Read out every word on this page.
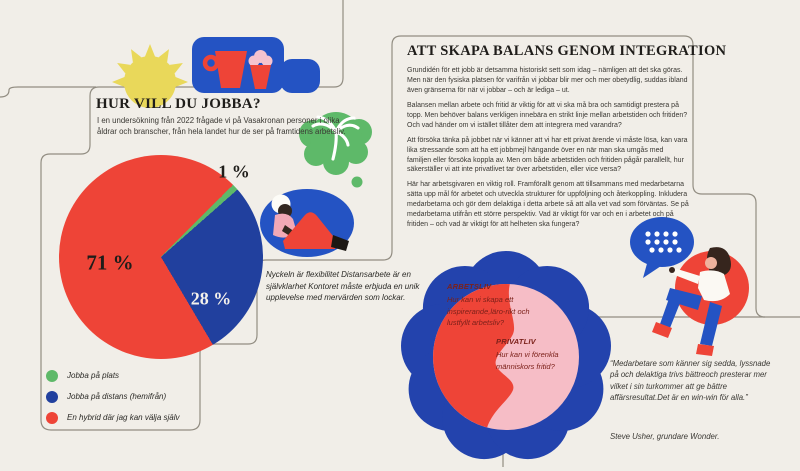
71 %
28 %
1 %
HUR VILL DU JOBBA?
I en undersökning från 2022 frågade vi på Vasakronan personer i olika åldrar och branscher, från hela landet hur de ser på framtidens arbetsliv.
Jobba på plats
Jobba på distans (hemifrån)
En hybrid där jag kan välja själv
ATT SKAPA BALANS GENOM INTEGRATION

Grundidén för ett jobb är detsamma historiskt sett som idag – nämligen att det ska göras. Men när den fysiska platsen för varifrån vi jobbar blir mer och mer obetydlig, suddas ibland även gränserna för när vi jobbar – och är lediga – ut.

Balansen mellan arbete och fritid är viktig för att vi ska må bra och samtidigt prestera på topp. Men behöver balans verkligen innebära en strikt linje mellan arbetstiden och fritiden? Och vad händer om vi istället tillåter dem att integrera med varandra?

Att försöka tänka på jobbet när vi känner att vi har ett privat ärende vi måste lösa, kan vara lika stressande som att ha ett jobbmejl hängande över en när man ska umgås med familjen eller försöka koppla av. Men om både arbetstiden och fritiden pågår parallellt, hur säkerställer vi att inte privatlivet tar över arbetstiden, eller vice versa?

Här har arbetsgivaren en viktig roll. Framförallt genom att tillsammans med medarbetarna sätta upp mål för arbetet och utveckla strukturer för uppföljning och återkoppling. Inkludera medarbetarna och gör dem delaktiga i detta arbete så att alla vet vad som förväntas. Se på medarbetarna utifrån ett större perspektiv. Vad är viktigt för var och en i arbetet och på fritiden – och vad är viktigt för att helheten ska fungera?

Nyckeln är flexibilitet Distansarbete är en självklarhet Kontoret måste erbjuda en unik upplevelse med mervärden som lockar.
ARBETSLIV
Hur kan vi skapa ett inspirerande,läro-rikt och lustfyllt arbetsliv?
PRIVATLIV
Hur kan vi förenkla människors fritid?	“Medarbetare som känner sig sedda, lyssnade på och delaktiga trivs bättreoch presterar mer vilket i sin turkommer att ge bättre affärsresultat.Det är en win-win för alla.”
Steve Usher, grundare Wonder.
